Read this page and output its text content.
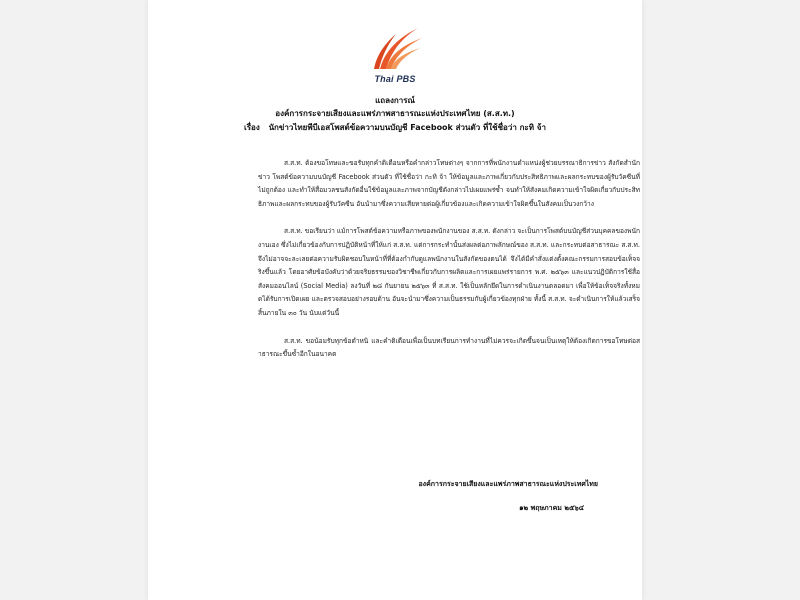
Thai PBS
แถลงการณ์
องค์การกระจายเสียงและแพร่ภาพสาธารณะแห่งประเทศไทย (ส.ส.ท.)
เรื่อง นักข่าวไทยพีบีเอสโพสต์ข้อความบนบัญชี Facebook ส่วนตัว ที่ใช้ชื่อว่า กะทิ จ้า

ส.ส.ท. ต้องขอโทษและขอรับทุกคำติเตือนหรือคำกล่าวโทษต่างๆ จากการที่พนักงานตำแหน่งผู้ช่วยบรรณาธิการข่าว สังกัดสำนักข่าว โพสต์ข้อความบนบัญชี Facebook ส่วนตัว ที่ใช้ชื่อว่า กะทิ จ้า ให้ข้อมูลและภาพเกี่ยวกับประสิทธิภาพและผลกระทบของผู้รับวัคซีนที่ไม่ถูกต้อง และทำให้สื่อมวลชนสังกัดอื่นใช้ข้อมูลและภาพจากบัญชีดังกล่าวไปเผยแพร่ซ้ำ จนทำให้สังคมเกิดความเข้าใจผิดเกี่ยวกับประสิทธิภาพและผลกระทบของผู้รับวัคซีน อันนำมาซึ่งความเสียหายต่อผู้เกี่ยวข้องและเกิดความเข้าใจผิดขึ้นในสังคมเป็นวงกว้าง

ส.ส.ท. ขอเรียนว่า แม้การโพสต์ข้อความหรือภาพของพนักงานของ ส.ส.ท. ดังกล่าว จะเป็นการโพสต์บนบัญชีส่วนบุคคลของพนักงานเอง ซึ่งไม่เกี่ยวข้องกับการปฏิบัติหน้าที่ให้แก่ ส.ส.ท. แต่การกระทำนั้นส่งผลต่อภาพลักษณ์ของ ส.ส.ท. และกระทบต่อสาธารณะ ส.ส.ท. จึงไม่อาจจะละเลยต่อความรับผิดชอบในหน้าที่ที่ต้องกำกับดูแลพนักงานในสังกัดของตนได้ จึงได้มีคำสั่งแต่งตั้งคณะกรรมการสอบข้อเท็จจริงขึ้นแล้ว โดยอาศัยข้อบังคับว่าด้วยจริยธรรมของวิชาชีพเกี่ยวกับการผลิตและการเผยแพร่รายการ พ.ศ. ๒๕๖๓ และแนวปฏิบัติการใช้สื่อสังคมออนไลน์ (Social Media) ลงวันที่ ๒๘ กันยายน ๒๕๖๓ ที่ ส.ส.ท. ใช้เป็นหลักยึดในการดำเนินงานตลอดมา เพื่อให้ข้อเท็จจริงทั้งหมดได้รับการเปิดเผย และตรวจสอบอย่างรอบด้าน อันจะนำมาซึ่งความเป็นธรรมกับผู้เกี่ยวข้องทุกฝ่าย ทั้งนี้ ส.ส.ท. จะดำเนินการให้แล้วเสร็จสิ้นภายใน ๓๐ วัน นับแต่วันนี้

ส.ส.ท. ขอน้อมรับทุกข้อตำหนิ และคำติเตือนเพื่อเป็นบทเรียนการทำงานที่ไม่ควรจะเกิดขึ้นจนเป็นเหตุให้ต้องเกิดการขอโทษต่อสาธารณะขึ้นซ้ำอีกในอนาคต

องค์การกระจายเสียงและแพร่ภาพสาธารณะแห่งประเทศไทย
๑๒ พฤษภาคม ๒๕๖๔
